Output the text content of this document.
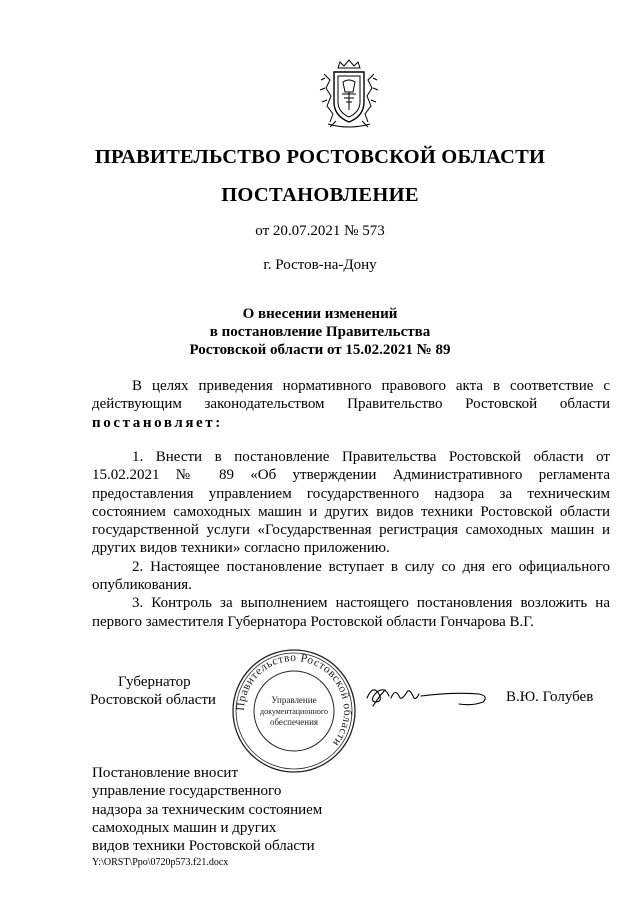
ПРАВИТЕЛЬСТВО РОСТОВСКОЙ ОБЛАСТИ
ПОСТАНОВЛЕНИЕ
от 20.07.2021 № 573
г. Ростов-на-Дону
О внесении изменений
в постановление Правительства
Ростовской области от 15.02.2021 № 89

В целях приведения нормативного правового акта в соответствие с действующим законодательством Правительство Ростовской области постановляет:

1. Внести в постановление Правительства Ростовской области от 15.02.2021 № 89 «Об утверждении Административного регламента предоставления управлением государственного надзора за техническим состоянием самоходных машин и других видов техники Ростовской области государственной услуги «Государственная регистрация самоходных машин и других видов техники» согласно приложению.

2. Настоящее постановление вступает в силу со дня его официального опубликования.

3. Контроль за выполнением настоящего постановления возложить на первого заместителя Губернатора Ростовской области Гончарова В.Г.

Губернатор
Ростовской области Правительство Ростовской области
Управление
документационного
обеспечения
В.Ю. Голубев
Постановление вносит
управление государственного
надзора за техническим состоянием
самоходных машин и других
видов техники Ростовской области
Y:\ORST\Ppo\0720p573.f21.docx
